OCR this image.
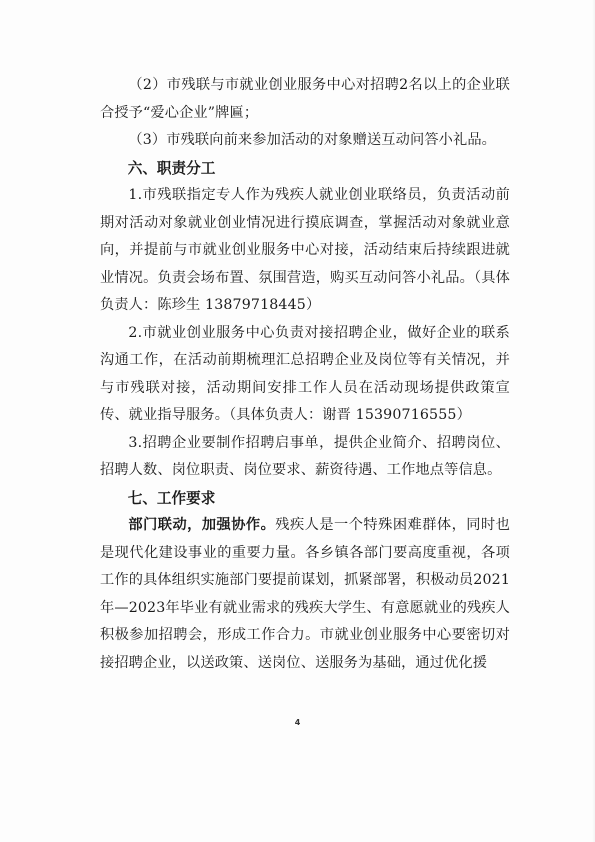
（2）市残联与市就业创业服务中心对招聘2名以上的企业联合授予“爱心企业”牌匾；

（3）市残联向前来参加活动的对象赠送互动问答小礼品。

六、职责分工

1.市残联指定专人作为残疾人就业创业联络员，负责活动前期对活动对象就业创业情况进行摸底调查，掌握活动对象就业意向，并提前与市就业创业服务中心对接，活动结束后持续跟进就业情况。负责会场布置、氛围营造，购买互动问答小礼品。（具体负责人：陈珍生 13879718445）

2.市就业创业服务中心负责对接招聘企业，做好企业的联系沟通工作，在活动前期梳理汇总招聘企业及岗位等有关情况，并与市残联对接，活动期间安排工作人员在活动现场提供政策宣传、就业指导服务。（具体负责人：谢晋 15390716555）

3.招聘企业要制作招聘启事单，提供企业简介、招聘岗位、招聘人数、岗位职责、岗位要求、薪资待遇、工作地点等信息。

七、工作要求

部门联动，加强协作。残疾人是一个特殊困难群体，同时也是现代化建设事业的重要力量。各乡镇各部门要高度重视，各项工作的具体组织实施部门要提前谋划，抓紧部署，积极动员2021年—2023年毕业有就业需求的残疾大学生、有意愿就业的残疾人积极参加招聘会，形成工作合力。市就业创业服务中心要密切对接招聘企业，以送政策、送岗位、送服务为基础，通过优化援

4
